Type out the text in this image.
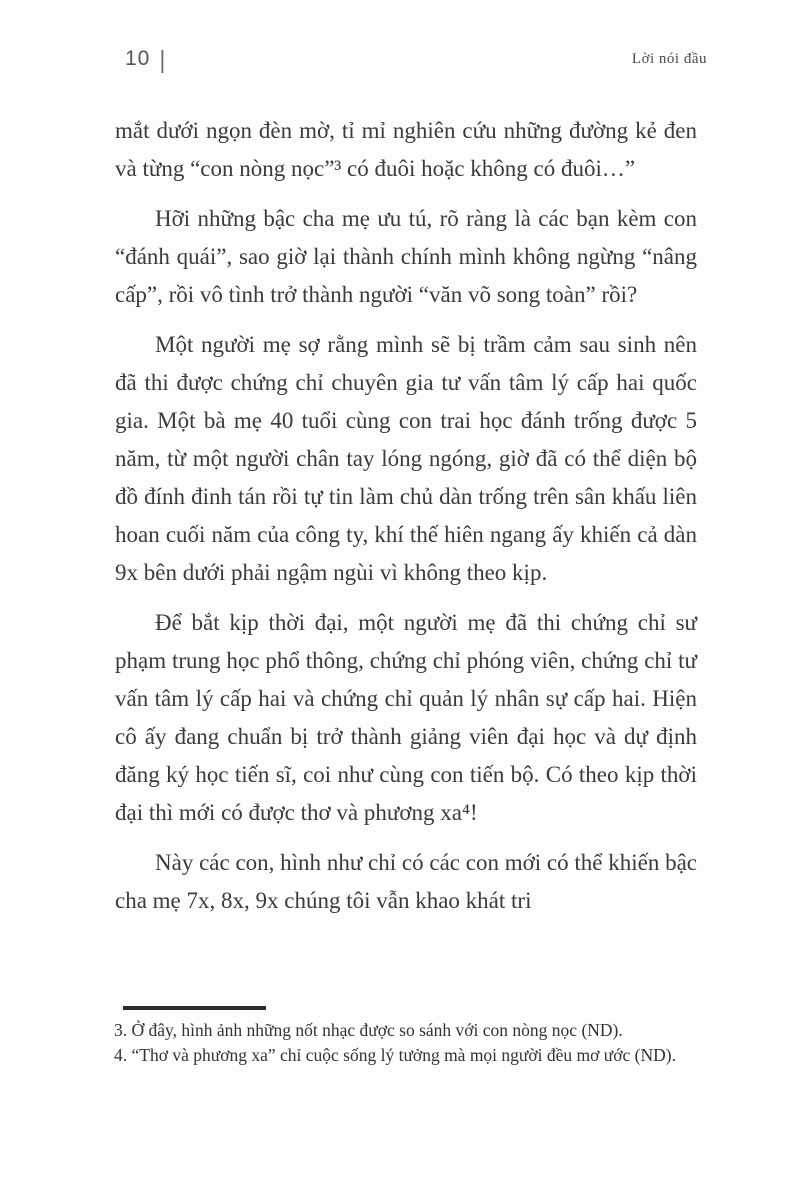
10 |	Lời nói đầu

mắt dưới ngọn đèn mờ, tỉ mỉ nghiên cứu những đường kẻ đen và từng “con nòng nọc”³ có đuôi hoặc không có đuôi…”

Hỡi những bậc cha mẹ ưu tú, rõ ràng là các bạn kèm con “đánh quái”, sao giờ lại thành chính mình không ngừng “nâng cấp”, rồi vô tình trở thành người “văn võ song toàn” rồi?

Một người mẹ sợ rằng mình sẽ bị trầm cảm sau sinh nên đã thi được chứng chỉ chuyên gia tư vấn tâm lý cấp hai quốc gia. Một bà mẹ 40 tuổi cùng con trai học đánh trống được 5 năm, từ một người chân tay lóng ngóng, giờ đã có thể diện bộ đồ đính đinh tán rồi tự tin làm chủ dàn trống trên sân khấu liên hoan cuối năm của công ty, khí thế hiên ngang ấy khiến cả dàn 9x bên dưới phải ngậm ngùi vì không theo kịp.

Để bắt kịp thời đại, một người mẹ đã thi chứng chỉ sư phạm trung học phổ thông, chứng chỉ phóng viên, chứng chỉ tư vấn tâm lý cấp hai và chứng chỉ quản lý nhân sự cấp hai. Hiện cô ấy đang chuẩn bị trở thành giảng viên đại học và dự định đăng ký học tiến sĩ, coi như cùng con tiến bộ. Có theo kịp thời đại thì mới có được thơ và phương xa⁴!

Này các con, hình như chỉ có các con mới có thể khiến bậc cha mẹ 7x, 8x, 9x chúng tôi vẫn khao khát tri

3. Ở đây, hình ảnh những nốt nhạc được so sánh với con nòng nọc (ND).

4. “Thơ và phương xa” chỉ cuộc sống lý tưởng mà mọi người đều mơ ước (ND).
